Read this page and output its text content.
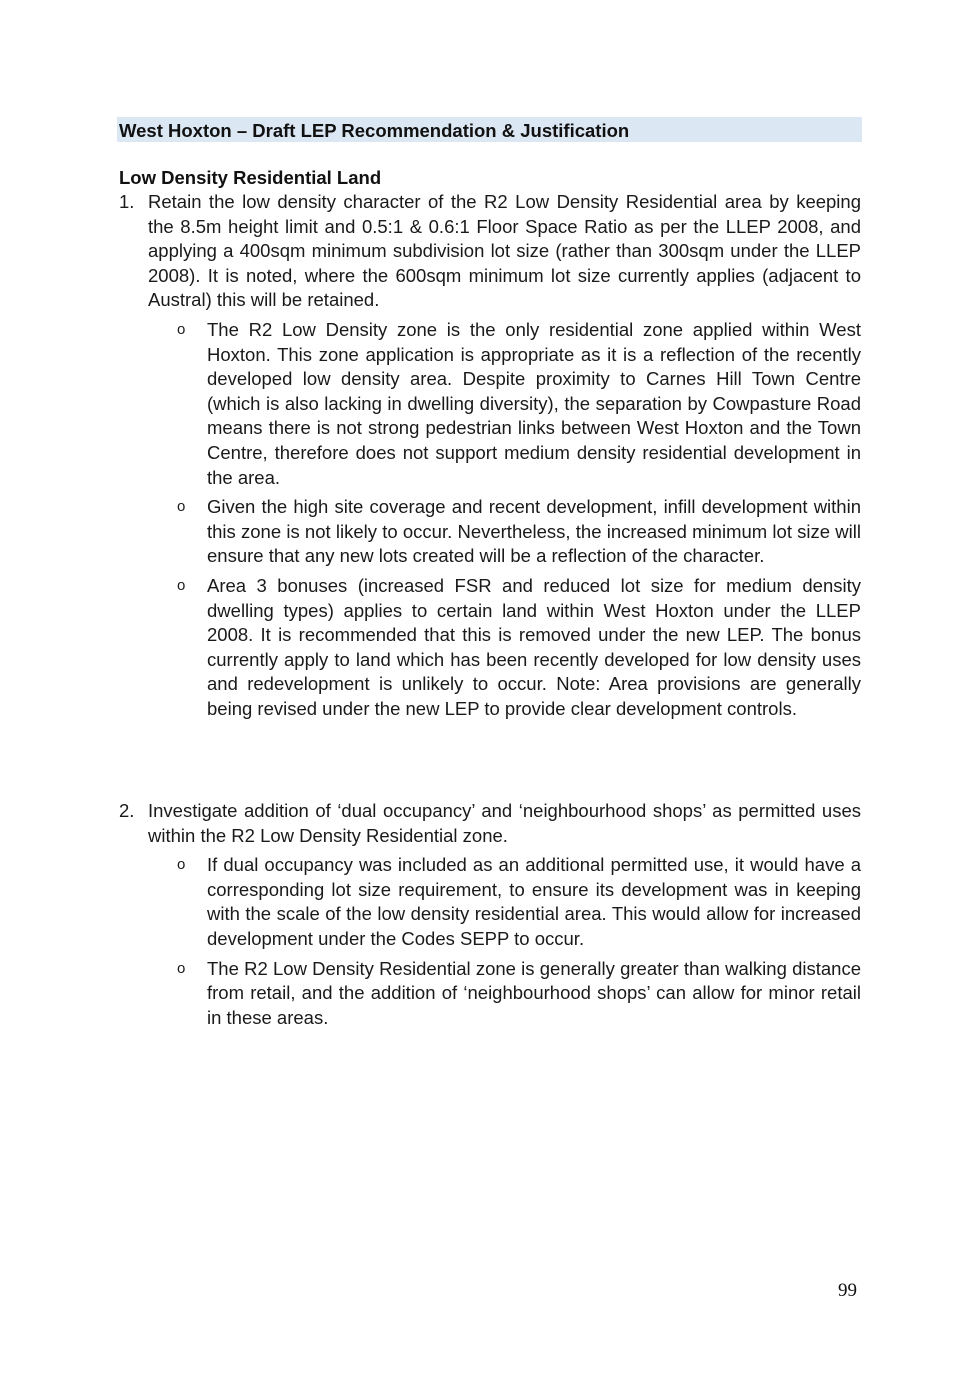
West Hoxton – Draft LEP Recommendation & Justification
Low Density Residential Land
1. Retain the low density character of the R2 Low Density Residential area by keeping the 8.5m height limit and 0.5:1 & 0.6:1 Floor Space Ratio as per the LLEP 2008, and applying a 400sqm minimum subdivision lot size (rather than 300sqm under the LLEP 2008). It is noted, where the 600sqm minimum lot size currently applies (adjacent to Austral) this will be retained.
o The R2 Low Density zone is the only residential zone applied within West Hoxton. This zone application is appropriate as it is a reflection of the recently developed low density area. Despite proximity to Carnes Hill Town Centre (which is also lacking in dwelling diversity), the separation by Cowpasture Road means there is not strong pedestrian links between West Hoxton and the Town Centre, therefore does not support medium density residential development in the area.
o Given the high site coverage and recent development, infill development within this zone is not likely to occur. Nevertheless, the increased minimum lot size will ensure that any new lots created will be a reflection of the character.
o Area 3 bonuses (increased FSR and reduced lot size for medium density dwelling types) applies to certain land within West Hoxton under the LLEP 2008. It is recommended that this is removed under the new LEP. The bonus currently apply to land which has been recently developed for low density uses and redevelopment is unlikely to occur. Note: Area provisions are generally being revised under the new LEP to provide clear development controls.
2. Investigate addition of ‘dual occupancy’ and ‘neighbourhood shops’ as permitted uses within the R2 Low Density Residential zone.
o If dual occupancy was included as an additional permitted use, it would have a corresponding lot size requirement, to ensure its development was in keeping with the scale of the low density residential area. This would allow for increased development under the Codes SEPP to occur.
o The R2 Low Density Residential zone is generally greater than walking distance from retail, and the addition of ‘neighbourhood shops’ can allow for minor retail in these areas.
99
